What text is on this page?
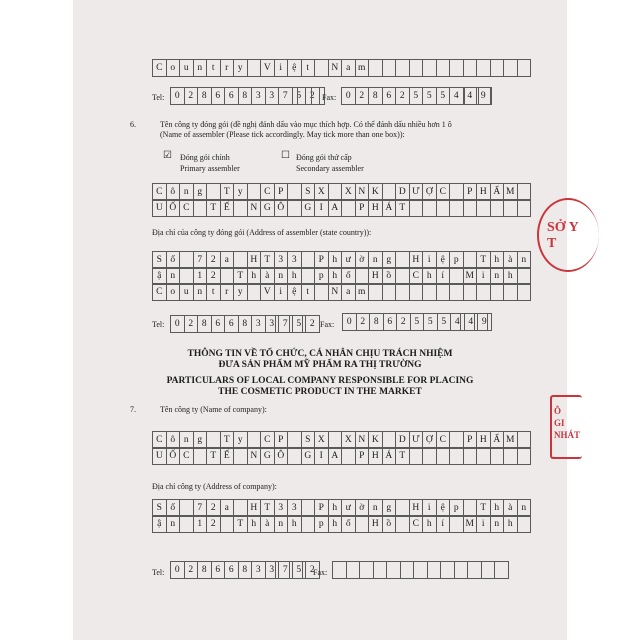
C o u n	t	r	y	V i	ệ	t	N a m
Tel:	0 2 8 6 6 8 3 3 7 5 2 Fax:	0 2 8 6 2 5 5 5 4 4 9
6.	Tên công ty đóng gói (đề nghị đánh dấu vào mục thích hợp. Có thể đánh dấu nhiều hơn 1 ô
(Name of assembler (Please tick accordingly. May tick more than one box)):
☑ Đóng gói chính
Primary assembler
☐ Đóng gói thứ cấp
Secondary assembler
C ô n g	T y	C P	S X	X N K	D Ư Ợ C	P H Ẩ M
U Ố C	T Ế	N G Ô	G I A	P H Á T
Địa chỉ của công ty đóng gói (Address of assembler (state country)):
S ố	7 2 a	H T 3 3	P h ư ờ n g	H i	ệ p	T h à n
ậ n	1 2	T h à n h	p h ố	H ồ	C h	í	M i	n h
C o u n	t	r	y	V i	ệ	t	N a m
Tel:	0 2 8 6 6 8 3 3 7 5 2 Fax:	0 2 8 6 2 5 5 5 4 4 9
THÔNG TIN VỀ TỔ CHỨC, CÁ NHÂN CHỊU TRÁCH NHIỆM
ĐƯA SẢN PHẨM MỸ PHẨM RA THỊ TRƯỜNG
PARTICULARS OF LOCAL COMPANY RESPONSIBLE FOR PLACING
THE COSMETIC PRODUCT IN THE MARKET
7.	Tên công ty (Name of company):
C ô n g	T y	C P	S X	X N K	D Ư Ợ C	P H Ẩ M
U Ố C	T Ế	N G Ô	G I A	P H Á T
Địa chỉ công ty (Address of company):
S ố	7 2 a	H T 3 3	P h ư ờ n g	H i	ệ p	T h à n
ậ n	1 2	T h à n h	p h ố	H ồ	C h	í	M i	n h
Tel:	0 2 8 6 6 8 3 3 7 5 2
Fax:
SỞ Y T
Ô GI NHÁT
